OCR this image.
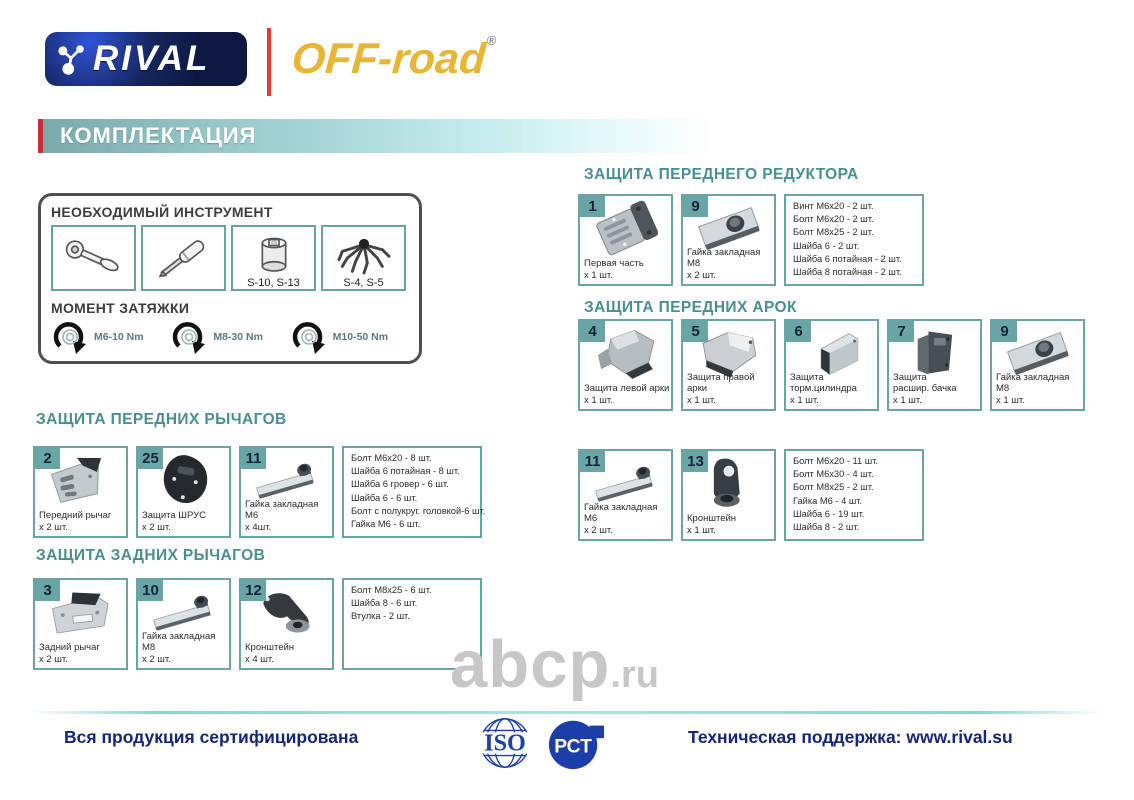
RIVAL OFF-road®
КОМПЛЕКТАЦИЯ
НЕОБХОДИМЫЙ ИНСТРУМЕНТ
S-10, S-13	S-4, S-5
МОМЕНТ ЗАТЯЖКИ
M6-10 Nm	M8-30 Nm	M10-50 Nm
ЗАЩИТА ПЕРЕДНЕГО РЕДУКТОРА
ЗАЩИТА ПЕРЕДНИХ АРОК
ЗАЩИТА ПЕРЕДНИХ РЫЧАГОВ
ЗАЩИТА ЗАДНИХ РЫЧАГОВ
1
Первая часть
х 1 шт.
9
Гайка закладная М8
х 2 шт.
Винт М6х20 - 2 шт.
Болт М6х20 - 2 шт.
Болт М8х25 - 2 шт.
Шайба 6 - 2 шт.
Шайба 6 потайная - 2 шт.
Шайба 8 потайная - 2 шт.
4
Защита левой арки
х 1 шт.
5
Защита правой арки
х 1 шт.
6
Защита
торм.цилиндра
х 1 шт.
7
Защита
расшир. бачка
х 1 шт.
9
Гайка закладная М8
х 1 шт.
11
Гайка закладная М6
х 2 шт.
13
Кронштейн
х 1 шт.
Болт М6х20 - 11 шт.
Болт М6х30 - 4 шт.
Болт М8х25 - 2 шт.
Гайка М6 - 4 шт.
Шайба 6 - 19 шт.
Шайба 8 - 2 шт.
2
Передний рычаг
х 2 шт.
25
Защита ШРУС
х 2 шт.
11
Гайка закладная М6
х 4шт.
Болт М6х20 - 8 шт.
Шайба 6 потайная - 8 шт.
Шайба 6 гровер - 6 шт.
Шайба 6 - 6 шт.
Болт с полукруг. головкой-6 шт.
Гайка М6 - 6 шт.
3
Задний рычаг
х 2 шт.
10
Гайка закладная М8
х 2 шт.
12
Кронштейн
х 4 шт.
Болт М8х25 - 6 шт.
Шайба 8 - 6 шт.
Втулка - 2 шт.
abcp .ru
Вся продукция сертифицирована	ISO РСТ	Техническая поддержка: www.rival.su
